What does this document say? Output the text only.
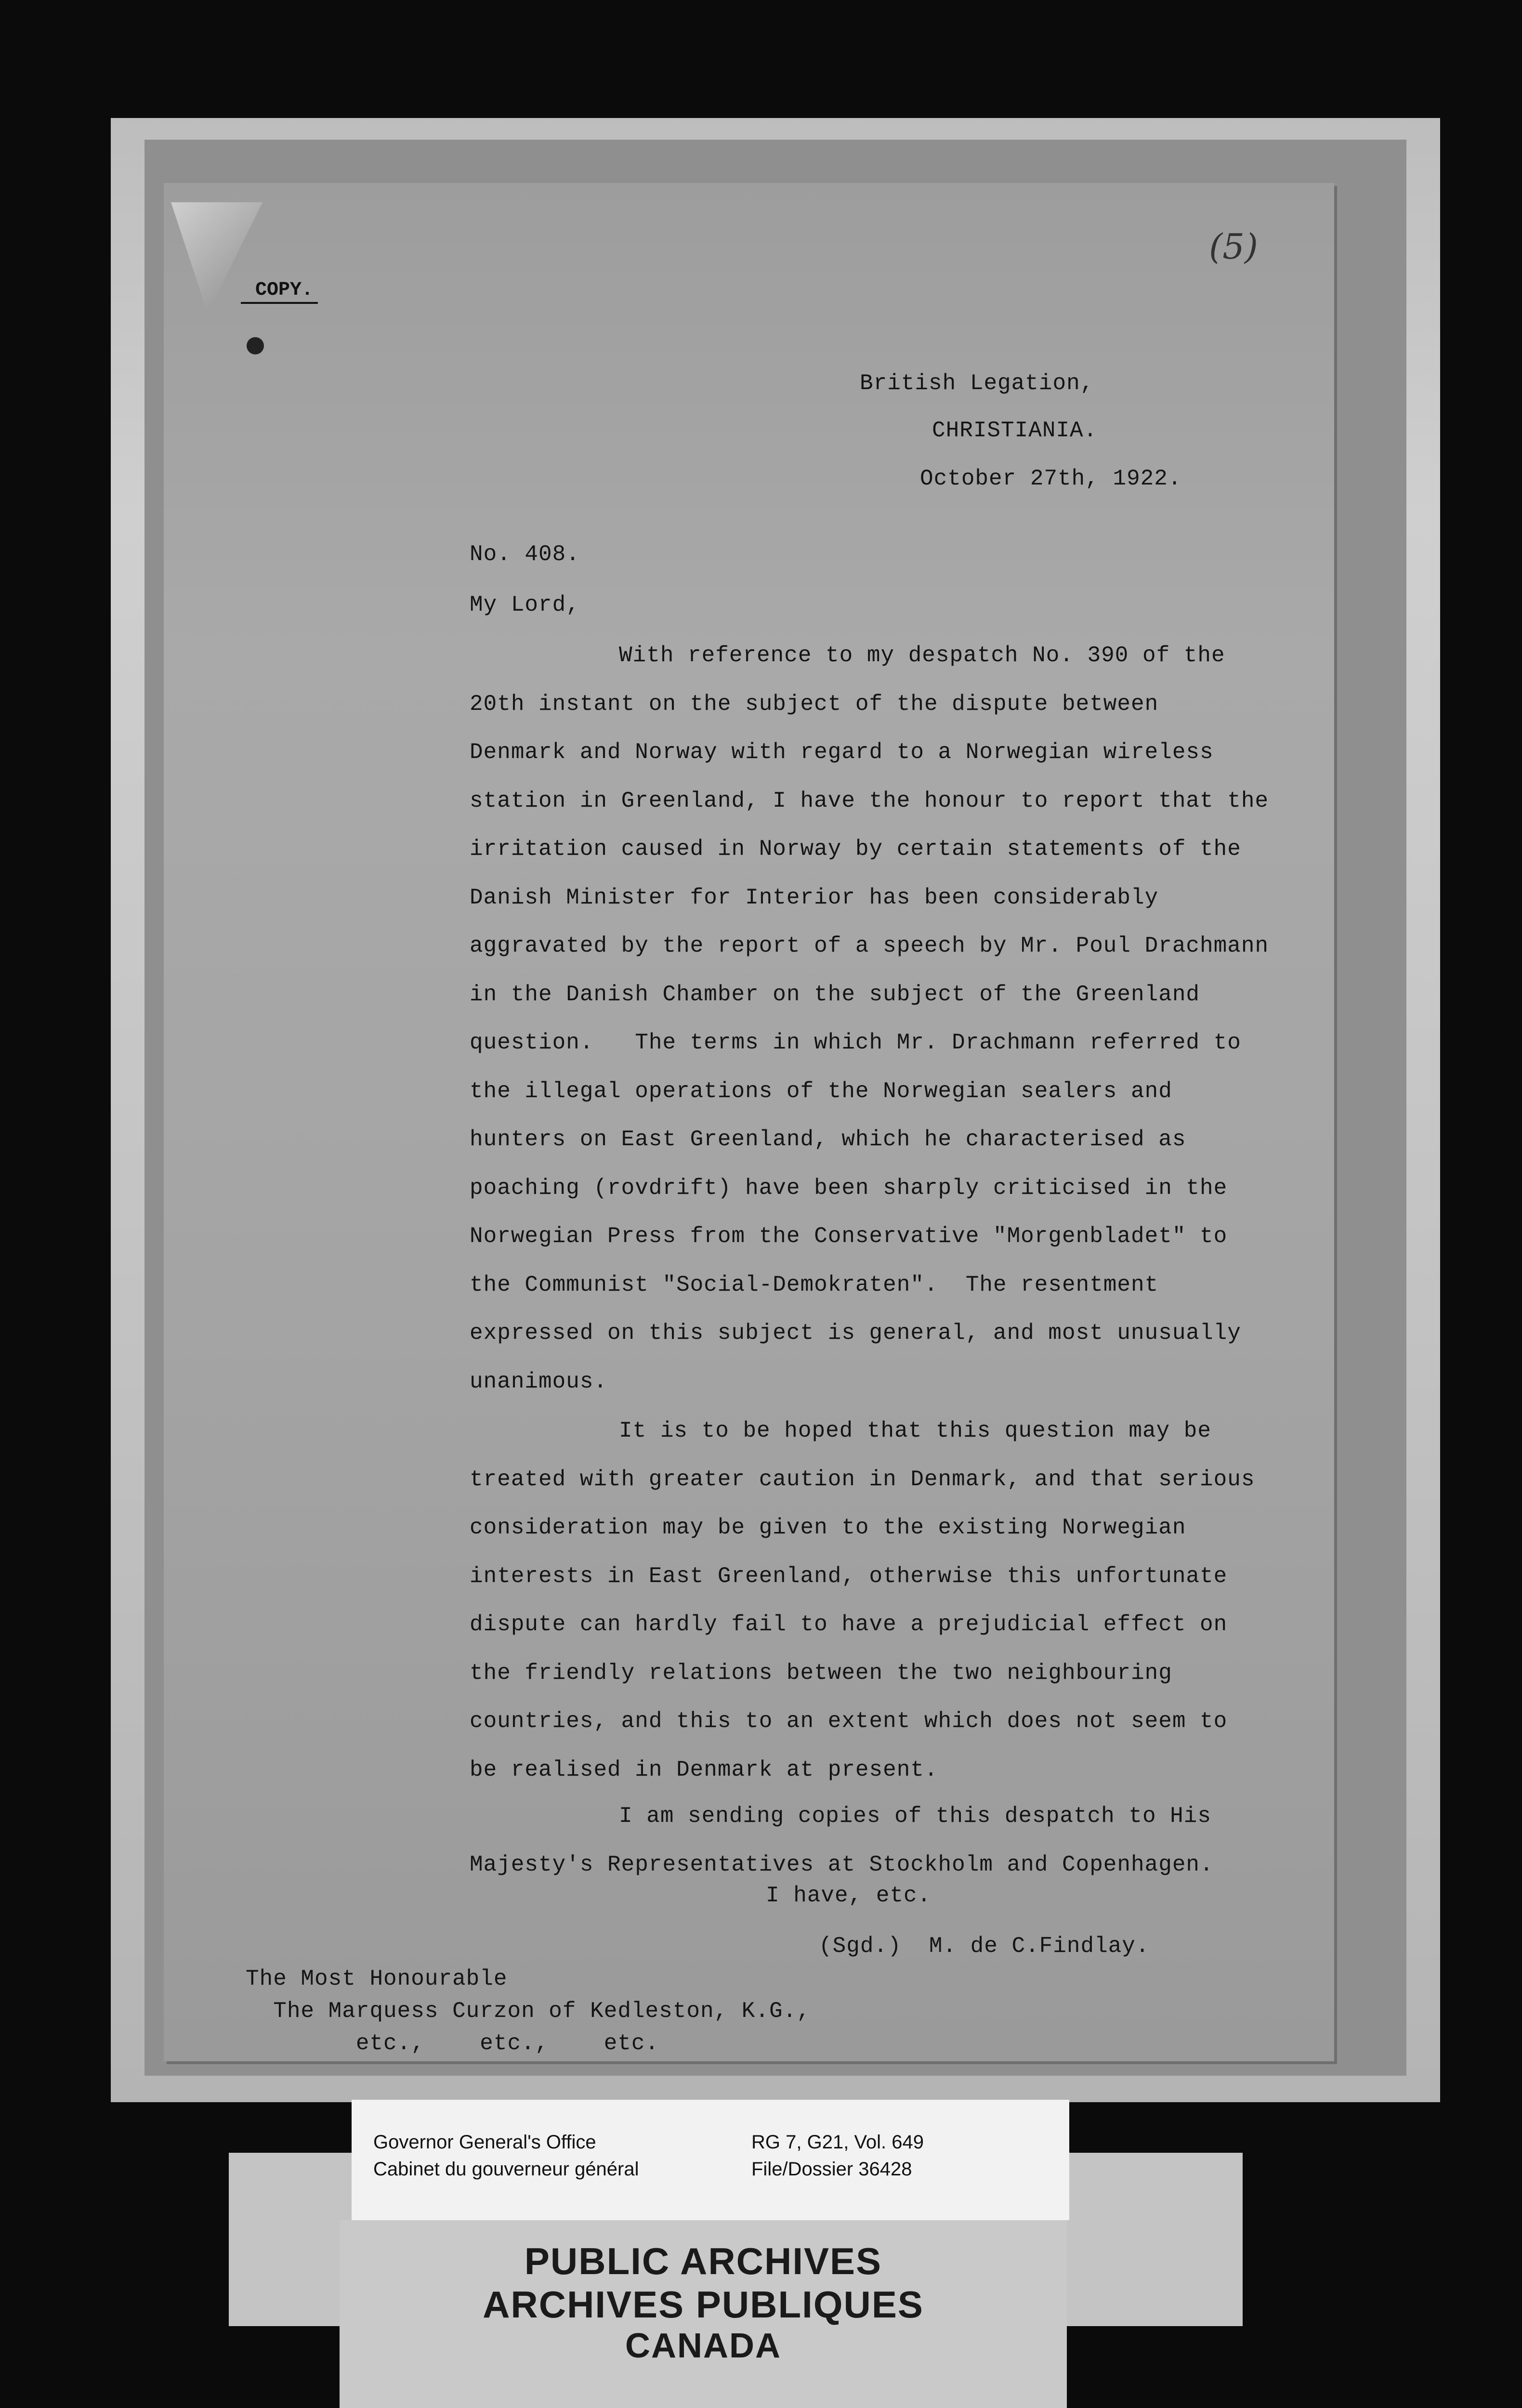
COPY.
(5)
British Legation,
CHRISTIANIA.
October 27th, 1922.
No. 408.
My Lord,
With reference to my despatch No. 390 of the
20th instant on the subject of the dispute between
Denmark and Norway with regard to a Norwegian wireless
station in Greenland, I have the honour to report that the
irritation caused in Norway by certain statements of the
Danish Minister for Interior has been considerably
aggravated by the report of a speech by Mr. Poul Drachmann
in the Danish Chamber on the subject of the Greenland
question.   The terms in which Mr. Drachmann referred to
the illegal operations of the Norwegian sealers and
hunters on East Greenland, which he characterised as
poaching (rovdrift) have been sharply criticised in the
Norwegian Press from the Conservative "Morgenbladet" to
the Communist "Social-Demokraten".  The resentment
expressed on this subject is general, and most unusually
unanimous.
It is to be hoped that this question may be
treated with greater caution in Denmark, and that serious
consideration may be given to the existing Norwegian
interests in East Greenland, otherwise this unfortunate
dispute can hardly fail to have a prejudicial effect on
the friendly relations between the two neighbouring
countries, and this to an extent which does not seem to
be realised in Denmark at present.
I am sending copies of this despatch to His
Majesty's Representatives at Stockholm and Copenhagen.
I have, etc.
(Sgd.)  M. de C.Findlay.
The Most Honourable
The Marquess Curzon of Kedleston, K.G.,
etc.,    etc.,    etc.
PUBLIC ARCHIVES
ARCHIVES PUBLIQUES
CANADA
Governor General's Office
Cabinet du gouverneur général
RG 7, G21, Vol. 649
File/Dossier 36428
